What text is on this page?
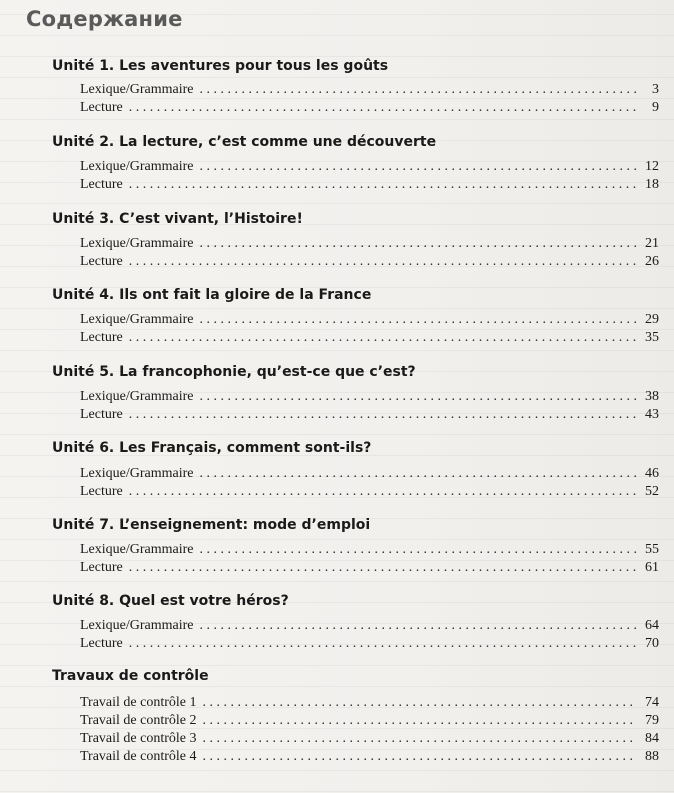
Содержание
Unité 1. Les aventures pour tous les goûts
Lexique/Grammaire . . .	3
Lecture . . .	9
Unité 2. La lecture, c’est comme une découverte
Lexique/Grammaire . . .	12
Lecture . . .	18
Unité 3. C’est vivant, l’Histoire!
Lexique/Grammaire . . .	21
Lecture . . .	26
Unité 4. Ils ont fait la gloire de la France
Lexique/Grammaire . . .	29
Lecture . . .	35
Unité 5. La francophonie, qu’est-ce que c’est?
Lexique/Grammaire . . .	38
Lecture . . .	43
Unité 6. Les Français, comment sont-ils?
Lexique/Grammaire . . .	46
Lecture . . .	52
Unité 7. L’enseignement: mode d’emploi
Lexique/Grammaire . . .	55
Lecture . . .	61
Unité 8. Quel est votre héros?
Lexique/Grammaire . . .	64
Lecture . . .	70
Travaux de contrôle
Travail de contrôle 1 . . .	74
Travail de contrôle 2 . . .	79
Travail de contrôle 3 . . .	84
Travail de contrôle 4 . . .	88
